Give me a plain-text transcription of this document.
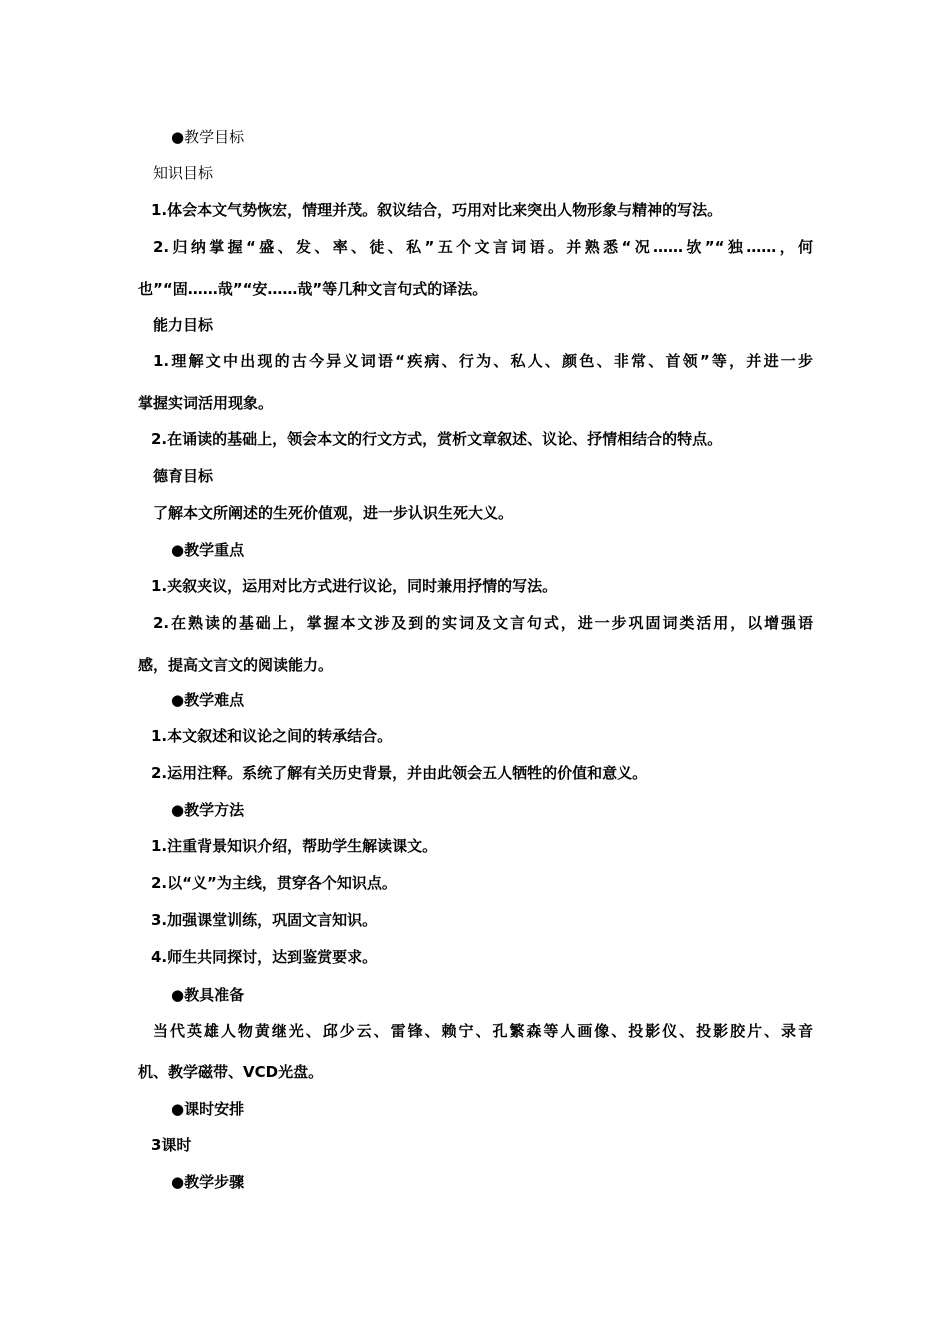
●教学目标
知识目标
1.体会本文气势恢宏，情理并茂。叙议结合，巧用对比来突出人物形象与精神的写法。
2.归纳掌握“盛、发、率、徒、私”五个文言词语。并熟悉“况……欤”“独……，何
也”“固……哉”“安……哉”等几种文言句式的译法。
能力目标
1.理解文中出现的古今异义词语“疾病、行为、私人、颜色、非常、首领”等，并进一步
掌握实词活用现象。
2.在诵读的基础上，领会本文的行文方式，赏析文章叙述、议论、抒情相结合的特点。
德育目标
了解本文所阐述的生死价值观，进一步认识生死大义。
●教学重点
1.夹叙夹议，运用对比方式进行议论，同时兼用抒情的写法。
2.在熟读的基础上，掌握本文涉及到的实词及文言句式，进一步巩固词类活用，以增强语
感，提高文言文的阅读能力。
●教学难点
1.本文叙述和议论之间的转承结合。
2.运用注释。系统了解有关历史背景，并由此领会五人牺牲的价值和意义。
●教学方法
1.注重背景知识介绍，帮助学生解读课文。
2.以“义”为主线，贯穿各个知识点。
3.加强课堂训练，巩固文言知识。
4.师生共同探讨，达到鉴赏要求。
●教具准备
当代英雄人物黄继光、邱少云、雷锋、赖宁、孔繁森等人画像、投影仪、投影胶片、录音
机、教学磁带、VCD光盘。
●课时安排
3课时
●教学步骤
